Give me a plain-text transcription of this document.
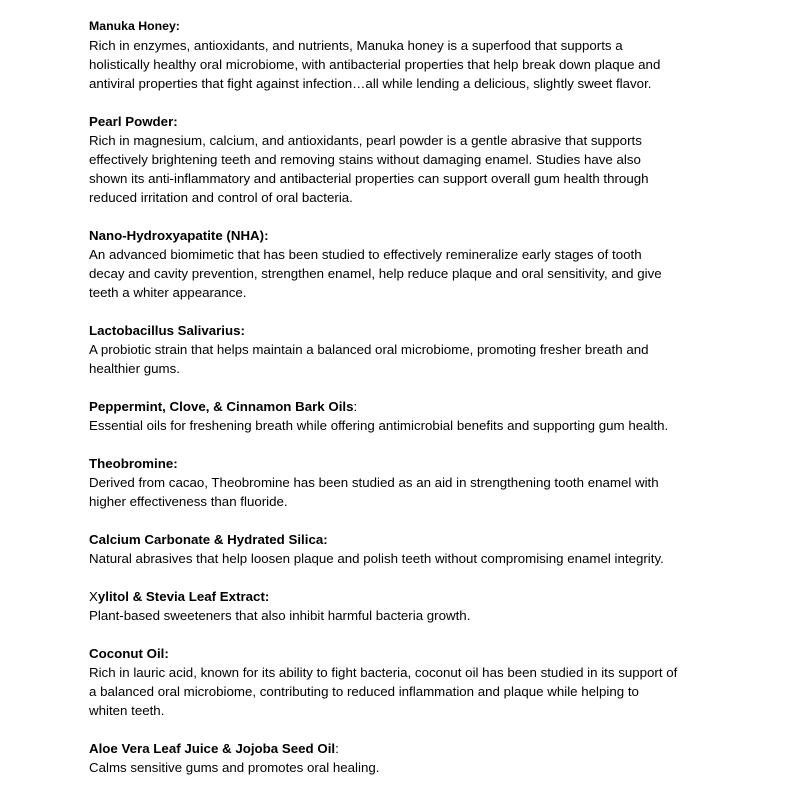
Manuka Honey:
Rich in enzymes, antioxidants, and nutrients, Manuka honey is a superfood that supports a
holistically healthy oral microbiome, with antibacterial properties that help break down plaque and
antiviral properties that fight against infection…all while lending a delicious, slightly sweet flavor.
Pearl Powder:
Rich in magnesium, calcium, and antioxidants, pearl powder is a gentle abrasive that supports
effectively brightening teeth and removing stains without damaging enamel. Studies have also
shown its anti-inflammatory and antibacterial properties can support overall gum health through
reduced irritation and control of oral bacteria.
Nano-Hydroxyapatite (NHA):
An advanced biomimetic that has been studied to effectively remineralize early stages of tooth
decay and cavity prevention, strengthen enamel, help reduce plaque and oral sensitivity, and give
teeth a whiter appearance.
Lactobacillus Salivarius:
A probiotic strain that helps maintain a balanced oral microbiome, promoting fresher breath and
healthier gums.
Peppermint, Clove, & Cinnamon Bark Oils:
Essential oils for freshening breath while offering antimicrobial benefits and supporting gum health.
Theobromine:
Derived from cacao, Theobromine has been studied as an aid in strengthening tooth enamel with
higher effectiveness than fluoride.
Calcium Carbonate & Hydrated Silica:
Natural abrasives that help loosen plaque and polish teeth without compromising enamel integrity.
Xylitol & Stevia Leaf Extract:
Plant-based sweeteners that also inhibit harmful bacteria growth.
Coconut Oil:
Rich in lauric acid, known for its ability to fight bacteria, coconut oil has been studied in its support of
a balanced oral microbiome, contributing to reduced inflammation and plaque while helping to
whiten teeth.
Aloe Vera Leaf Juice & Jojoba Seed Oil:
Calms sensitive gums and promotes oral healing.
